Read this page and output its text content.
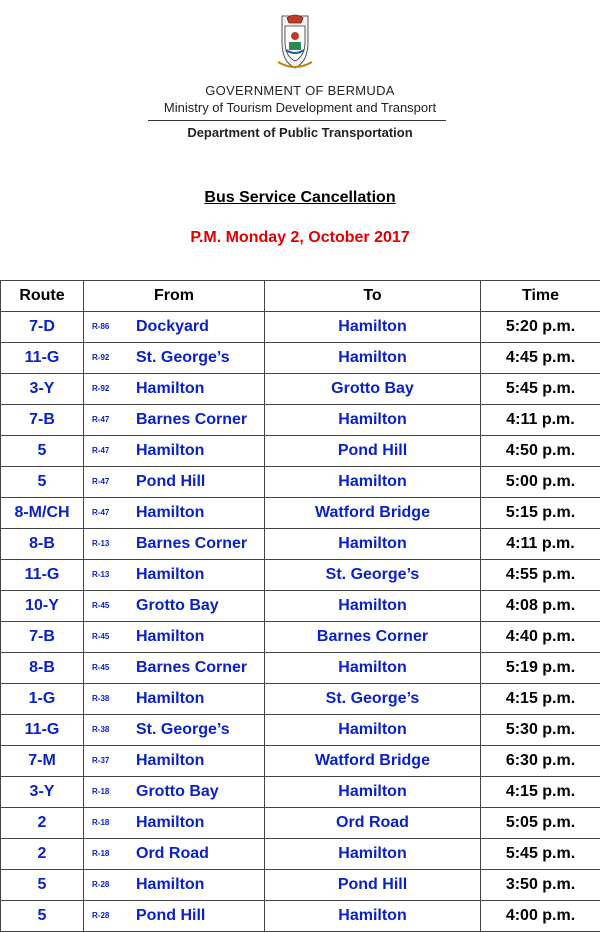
GOVERNMENT OF BERMUDA
Ministry of Tourism Development and Transport
Department of Public Transportation
Bus Service Cancellation
P.M. Monday 2, October 2017
Route	From	To	Time
7-D	R-86 Dockyard	Hamilton	5:20 p.m.
11-G	R-92 St. George’s	Hamilton	4:45 p.m.
3-Y	R-92 Hamilton	Grotto Bay	5:45 p.m.
7-B	R-47 Barnes Corner	Hamilton	4:11 p.m.
5	R-47 Hamilton	Pond Hill	4:50 p.m.
5	R-47 Pond Hill	Hamilton	5:00 p.m.
8-M/CH	R-47 Hamilton	Watford Bridge	5:15 p.m.
8-B	R-13 Barnes Corner	Hamilton	4:11 p.m.
11-G	R-13 Hamilton	St. George’s	4:55 p.m.
10-Y	R-45 Grotto Bay	Hamilton	4:08 p.m.
7-B	R-45 Hamilton	Barnes Corner	4:40 p.m.
8-B	R-45 Barnes Corner	Hamilton	5:19 p.m.
1-G	R-38 Hamilton	St. George’s	4:15 p.m.
11-G	R-38 St. George’s	Hamilton	5:30 p.m.
7-M	R-37 Hamilton	Watford Bridge	6:30 p.m.
3-Y	R-18 Grotto Bay	Hamilton	4:15 p.m.
2	R-18 Hamilton	Ord Road	5:05 p.m.
2	R-18 Ord Road	Hamilton	5:45 p.m.
5	R-28 Hamilton	Pond Hill	3:50 p.m.
5	R-28 Pond Hill	Hamilton	4:00 p.m.
